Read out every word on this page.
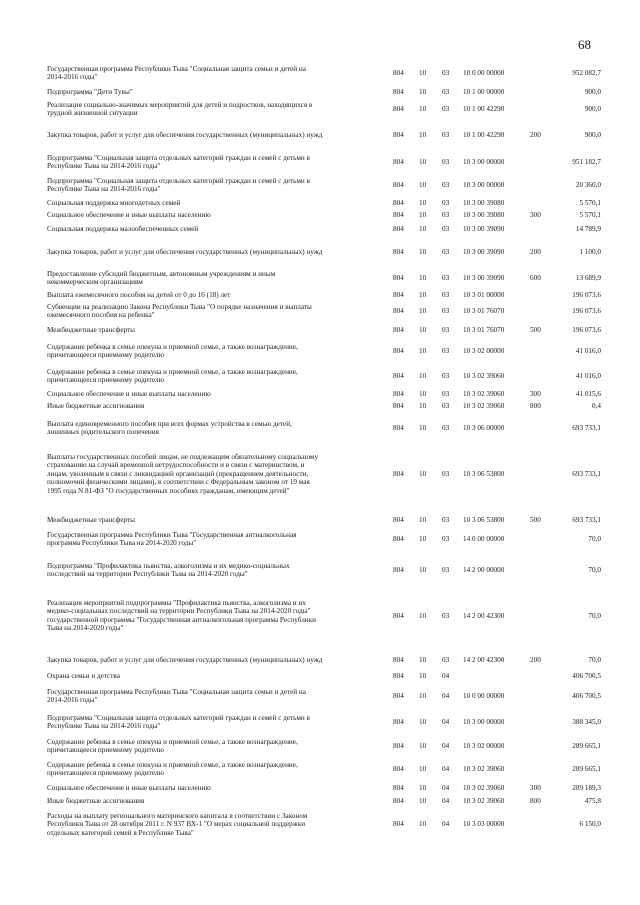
68
Государственная программа Республики Тыва "Социальная защита семьи и детей на
2014-2016 годы"
804 10 03 10 0 00 00000	952 082,7
Подпрограмма "Дети Тувы"	804 10 03 10 1 00 00000	900,0
Реализация социально-значимых мероприятий для детей и подростков, находящихся в
трудной жизненной ситуации
804 10 03 10 1 00 42290	900,0
Закупка товаров, работ и услуг для обеспечения государственных (муниципальных) нужд	804 10 03 10 1 00 42290	200	900,0
Подпрограмма "Социальная защита отдельных категорий граждан и семей с детьми в
Республике Тыва на 2014-2016 годы"
804 10 03 10 3 00 00000	951 182,7
Подпрограмма "Социальная защита отдельных категорий граждан и семей с детьми в
Республике Тыва на 2014-2016 годы"
804 10 03 10 3 00 00000	20 360,0
Социальная поддержка многодетных семей	804 10 03 10 3 00 39080	5 570,1
Социальное обеспечение и иные выплаты населению	804 10 03 10 3 00 39080	300	5 570,1
Социальная поддержка малообеспеченных семей	804 10 03 10 3 00 39090	14 789,9
Закупка товаров, работ и услуг для обеспечения государственных (муниципальных) нужд	804 10 03 10 3 00 39090	200	1 100,0
Предоставление субсидий бюджетным, автономным учреждениям и иным
некоммерческим организациям
804 10 03 10 3 00 39090	600	13 689,9
Выплата ежемесячного пособия на детей от 0 до 16 (18) лет	804 10 03 10 3 01 00000	196 073,6
Субвенции на реализацию Закона Республики Тыва "О порядке назначения и выплаты
ежемесячного пособия на ребенка"
804 10 03 10 3 01 76070	196 073,6
Межбюджетные трансферты	804 10 03 10 3 01 76070	500	196 073,6
Содержание ребенка в семье опекуна и приемной семье, а также вознаграждение,
причитающееся приемному родителю
804 10 03 10 3 02 00000	41 016,0
Содержание ребенка в семье опекуна и приемной семье, а также вознаграждение,
причитающееся приемному родителю
804 10 03 10 3 02 39060	41 016,0
Социальное обеспечение и иные выплаты населению	804 10 03 10 3 02 39060	300	41 015,6
Иные бюджетные ассигнования	804 10 03 10 3 02 39060	800	0,4
Выплата единовременного пособия при всех формах устройства в семью детей,
лишенных родительского попечения
804 10 03 10 3 06 00000	693 733,1
Выплаты государственных пособий лицам, не подлежащим обязательному социальному
страхованию на случай временной нетрудоспособности и в связи с материнством, и
лицам, уволенным в связи с ликвидацией организаций (прекращением деятельности,
полномочий физическими лицами), в соответствии с Федеральным законом от 19 мая
1995 года N 81-ФЗ "О государственных пособиях гражданам, имеющим детей"
804 10 03 10 3 06 53800	693 733,1
Межбюджетные трансферты	804 10 03 10 3 06 53800	500	693 733,1
Государственная программа Республики Тыва "Государственная антиалкогольная
программа Республики Тыва на 2014-2020 годы"
804 10 03 14 0 00 00000	70,0
Подпрограмма "Профилактика пьянства, алкоголизма и их медико-социальных
последствий на территории Республики Тыва на 2014-2020 годы"
804 10 03 14 2 00 00000	70,0
Реализация мероприятий подпрограммы "Профилактика пьянства, алкоголизма и их
медико-социальных последствий на территории Республики Тыва на 2014-2020 годы"
государственной программы "Государственная антиалкогольная программа Республики
Тыва на 2014-2020 годы"
804 10 03 14 2 00 42300	70,0
Закупка товаров, работ и услуг для обеспечения государственных (муниципальных) нужд	804 10 03 14 2 00 42300	200	70,0
Охрана семьи и детства	804 10 04	406 700,5
Государственная программа Республики Тыва "Социальная защита семьи и детей на
2014-2016 годы"
804 10 04 10 0 00 00000	406 700,5
Подпрограмма "Социальная защита отдельных категорий граждан и семей с детьми в
Республике Тыва на 2014-2016 годы"
804 10 04 10 3 00 00000	388 345,0
Содержание ребенка в семье опекуна и приемной семье, а также вознаграждение,
причитающееся приемному родителю
804 10 04 10 3 02 00000	289 665,1
Содержание ребенка в семье опекуна и приемной семье, а также вознаграждение,
причитающееся приемному родителю
804 10 04 10 3 02 39060	289 665,1
Социальное обеспечение и иные выплаты населению	804 10 04 10 3 02 39060	300	289 189,3
Иные бюджетные ассигнования	804 10 04 10 3 02 39060	800	475,8
Расходы на выплату регионального материнского капитала в соответствии с Законом
Республики Тыва от 28 октября 2011 г. N 937 ВХ-1 "О мерах социальной поддержки
отдельных категорий семей в Республике Тыва"
804 10 04 10 3 03 00000	6 150,0
